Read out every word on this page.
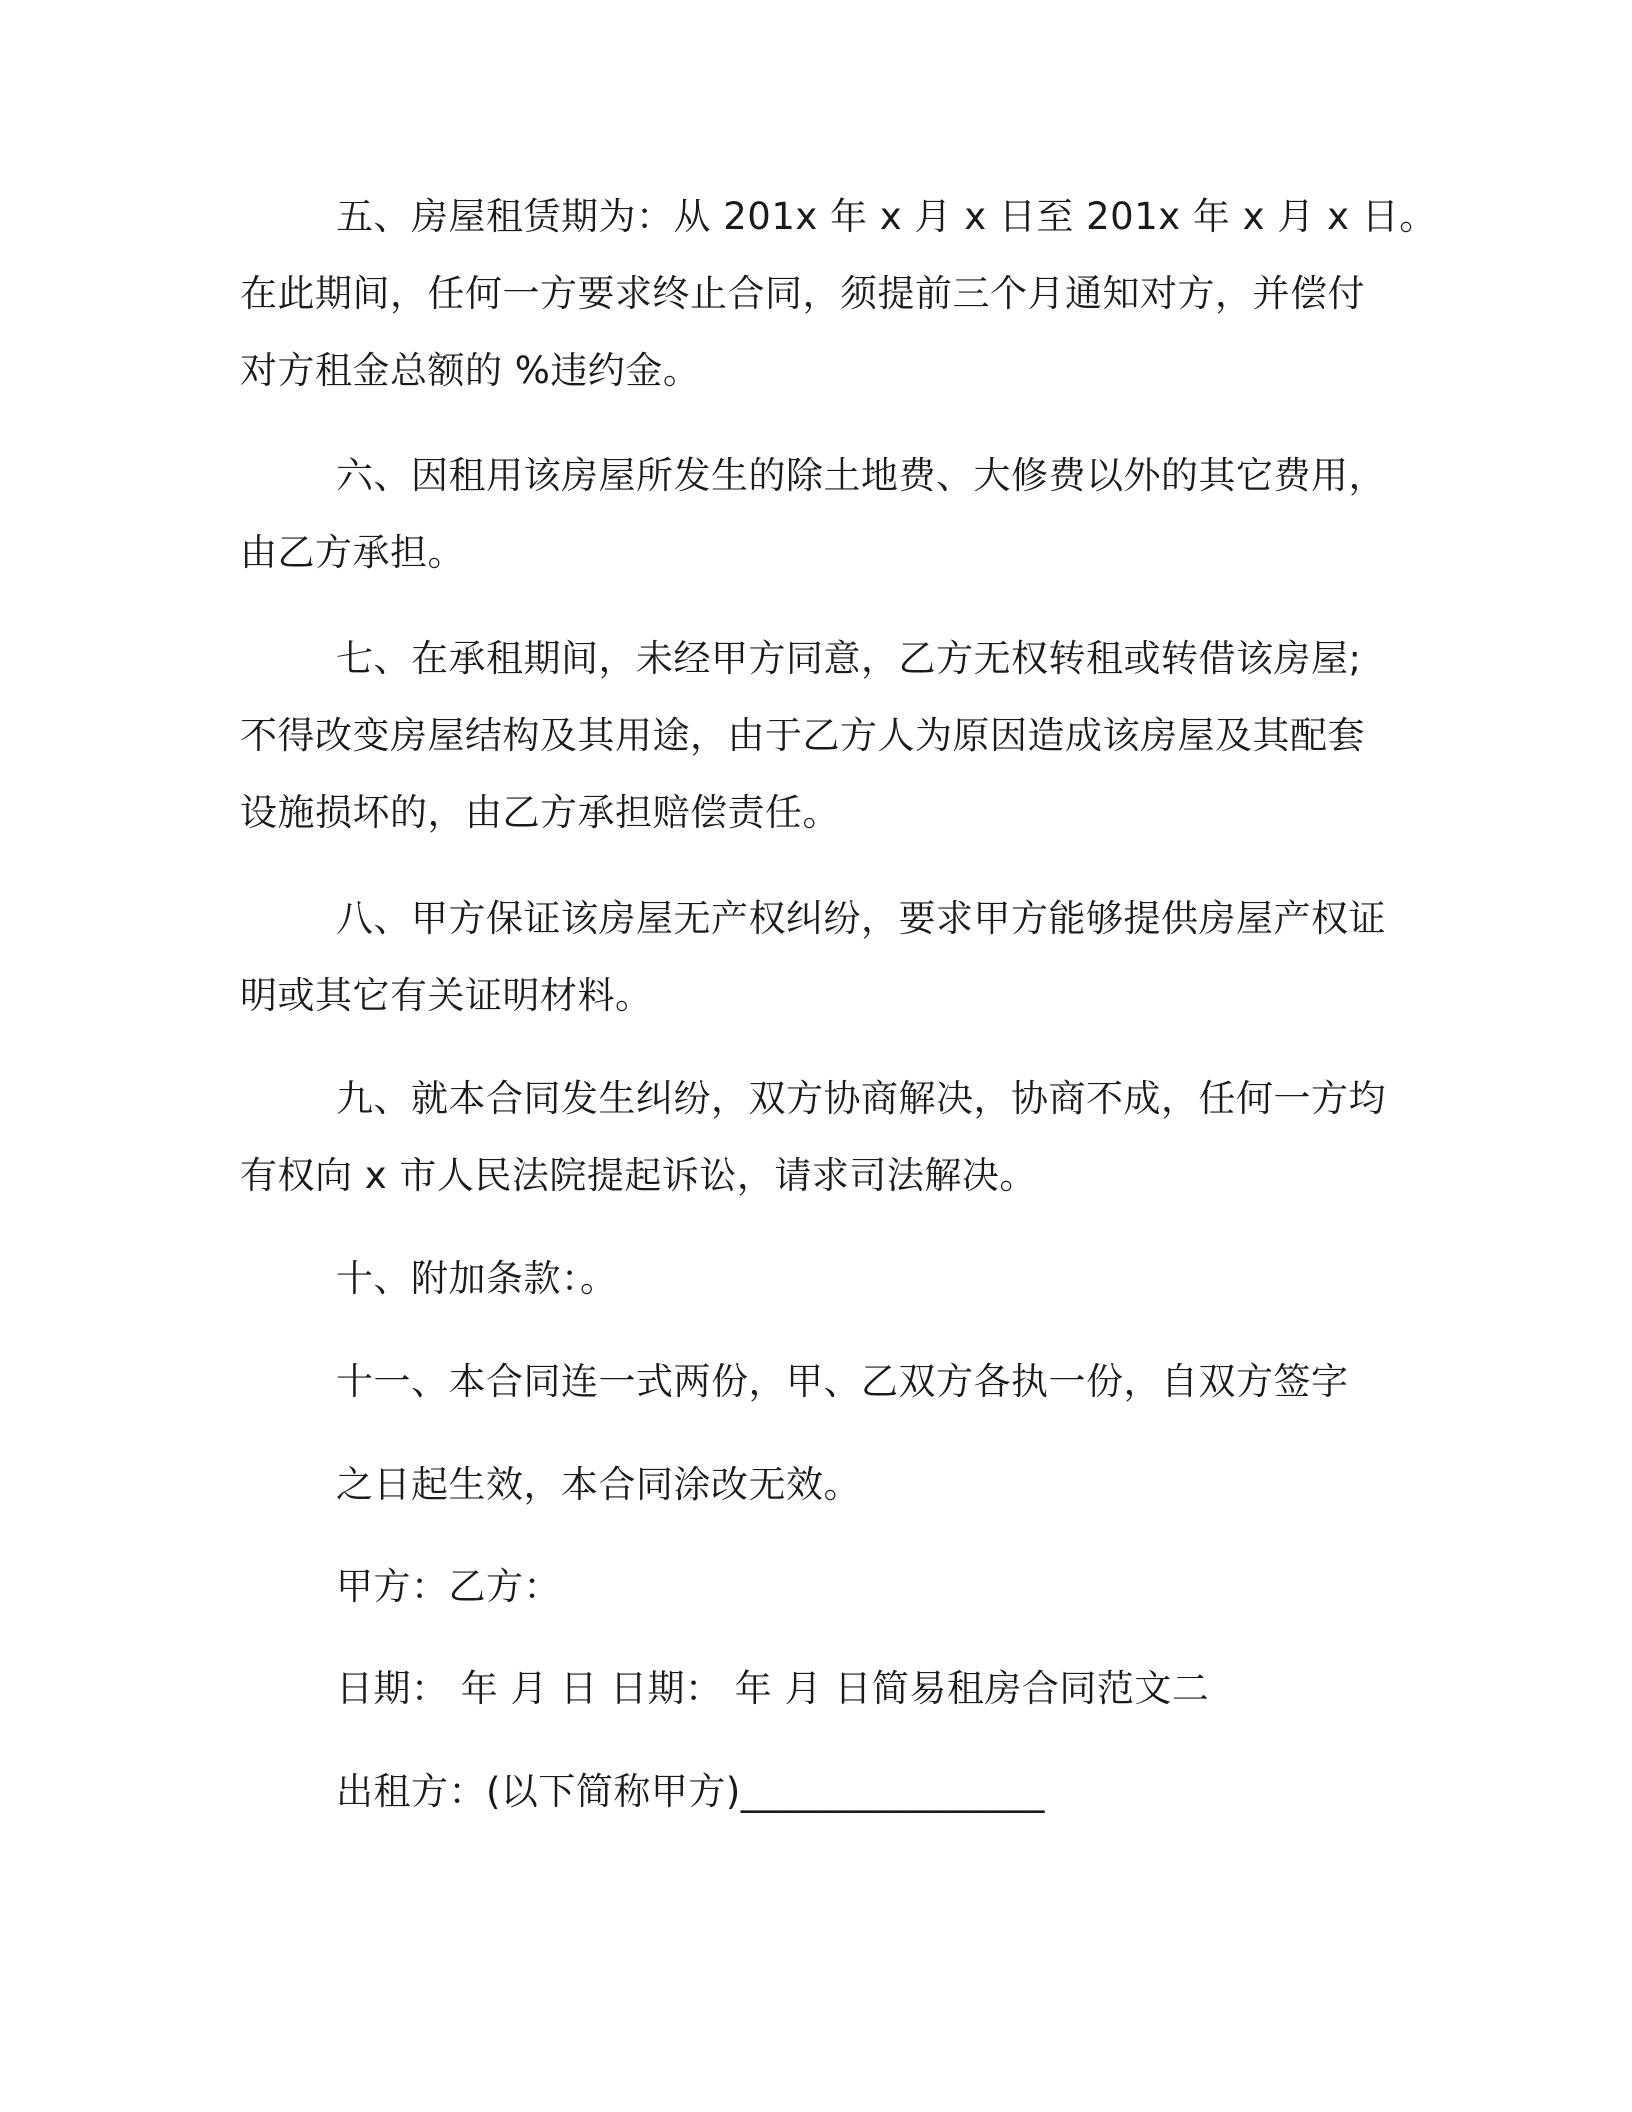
五、房屋租赁期为：从 201x 年 x 月 x 日至 201x 年 x 月 x 日。
在此期间，任何一方要求终止合同，须提前三个月通知对方，并偿付
对方租金总额的 %违约金。
六、因租用该房屋所发生的除土地费、大修费以外的其它费用，
由乙方承担。
七、在承租期间，未经甲方同意，乙方无权转租或转借该房屋;
不得改变房屋结构及其用途，由于乙方人为原因造成该房屋及其配套
设施损坏的，由乙方承担赔偿责任。
八、甲方保证该房屋无产权纠纷，要求甲方能够提供房屋产权证
明或其它有关证明材料。
九、就本合同发生纠纷，双方协商解决，协商不成，任何一方均
有权向 x 市人民法院提起诉讼，请求司法解决。
十、附加条款：。
十一、本合同连一式两份，甲、乙双方各执一份，自双方签字
之日起生效，本合同涂改无效。
甲方：乙方：
日期： 年 月 日 日期： 年 月 日简易租房合同范文二
出租方：(以下简称甲方)________________
